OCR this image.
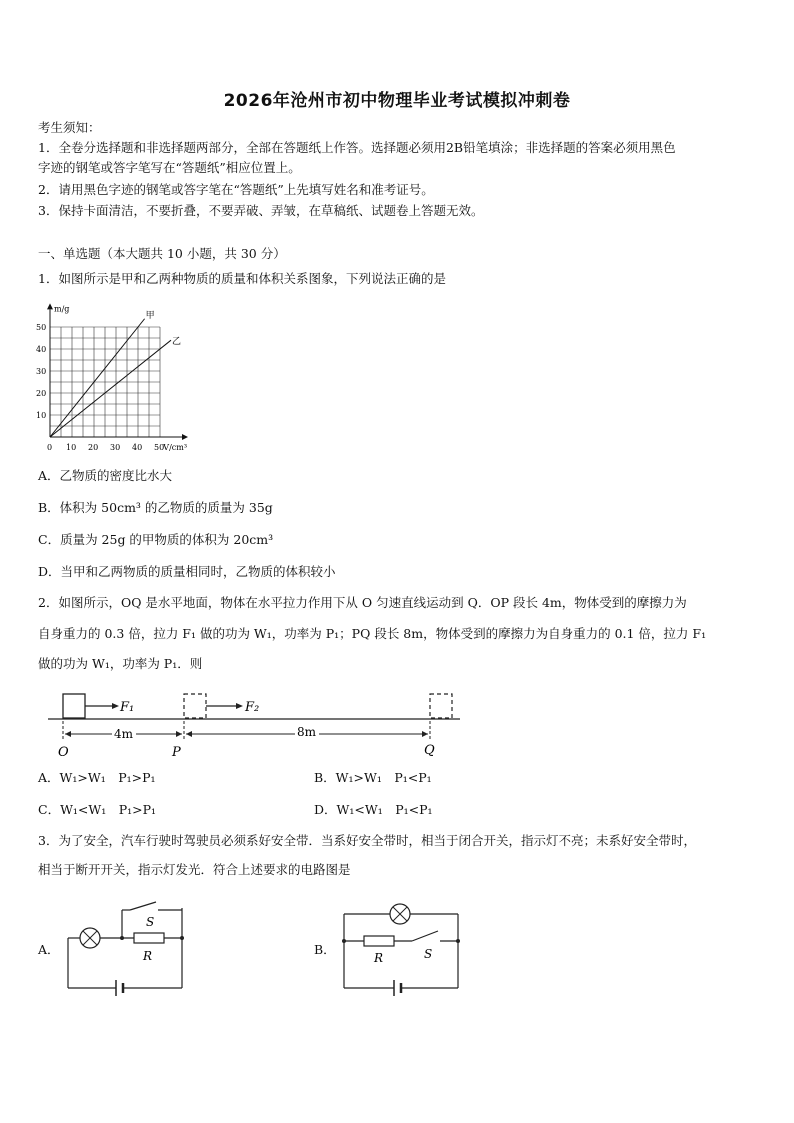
2026年沧州市初中物理毕业考试模拟冲刺卷
考生须知：
1．全卷分选择题和非选择题两部分，全部在答题纸上作答。选择题必须用2B铅笔填涂；非选择题的答案必须用黑色
字迹的钢笔或答字笔写在“答题纸”相应位置上。
2．请用黑色字迹的钢笔或答字笔在“答题纸”上先填写姓名和准考证号。
3．保持卡面清洁，不要折叠，不要弄破、弄皱，在草稿纸、试题卷上答题无效。
一、单选题（本大题共 10 小题，共 30 分）
1．如图所示是甲和乙两种物质的质量和体积关系图象，下列说法正确的是
0 10 20 30 40 50
10
20
30
40
50
V/cm³
m/g
甲
乙
A．乙物质的密度比水大
B．体积为 50cm³ 的乙物质的质量为 35g
C．质量为 25g 的甲物质的体积为 20cm³
D．当甲和乙两物质的质量相同时，乙物质的体积较小
2．如图所示，OQ 是水平地面，物体在水平拉力作用下从 O 匀速直线运动到 Q．OP 段长 4m，物体受到的摩擦力为
自身重力的 0.3 倍，拉力 F₁ 做的功为 W₁，功率为 P₁；PQ 段长 8m，物体受到的摩擦力为自身重力的 0.1 倍，拉力 F₁
做的功为 W₁，功率为 P₁．则
F₁	F₂
4m	8m
O	P	Q
A．W₁>W₁　P₁>P₁	B．W₁>W₁　P₁<P₁
C．W₁<W₁　P₁>P₁	D．W₁<W₁　P₁<P₁
3．为了安全，汽车行驶时驾驶员必须系好安全带．当系好安全带时，相当于闭合开关，指示灯不亮；未系好安全带时，
相当于断开开关，指示灯发光．符合上述要求的电路图是
A．
S
R	B．
R	S
